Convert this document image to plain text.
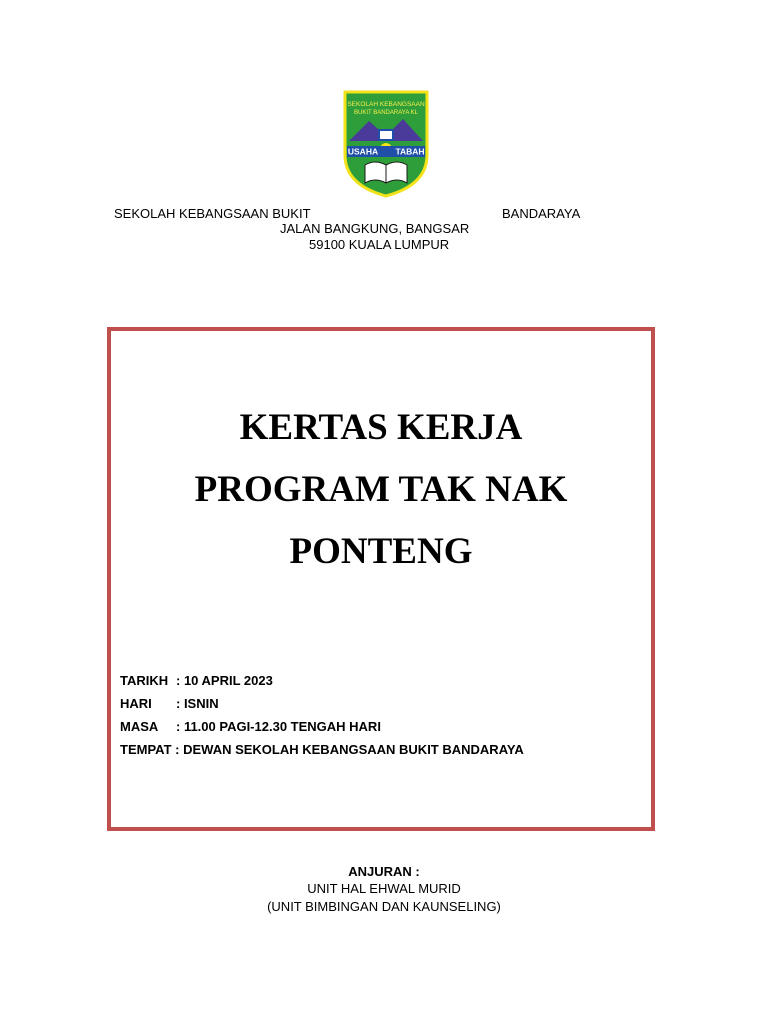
SEKOLAH KEBANGSAAN
BUKIT BANDARAYA KL
USAHA TABAH
SEKOLAH KEBANGSAAN BUKIT	BANDARAYA
JALAN BANGKUNG, BANGSAR
59100 KUALA LUMPUR
KERTAS KERJA
PROGRAM TAK NAK
PONTENG
TARIKH : 10 APRIL 2023
HARI : ISNIN
MASA : 11.00 PAGI-12.30 TENGAH HARI
TEMPAT : DEWAN SEKOLAH KEBANGSAAN BUKIT BANDARAYA
ANJURAN :
UNIT HAL EHWAL MURID
(UNIT BIMBINGAN DAN KAUNSELING)
